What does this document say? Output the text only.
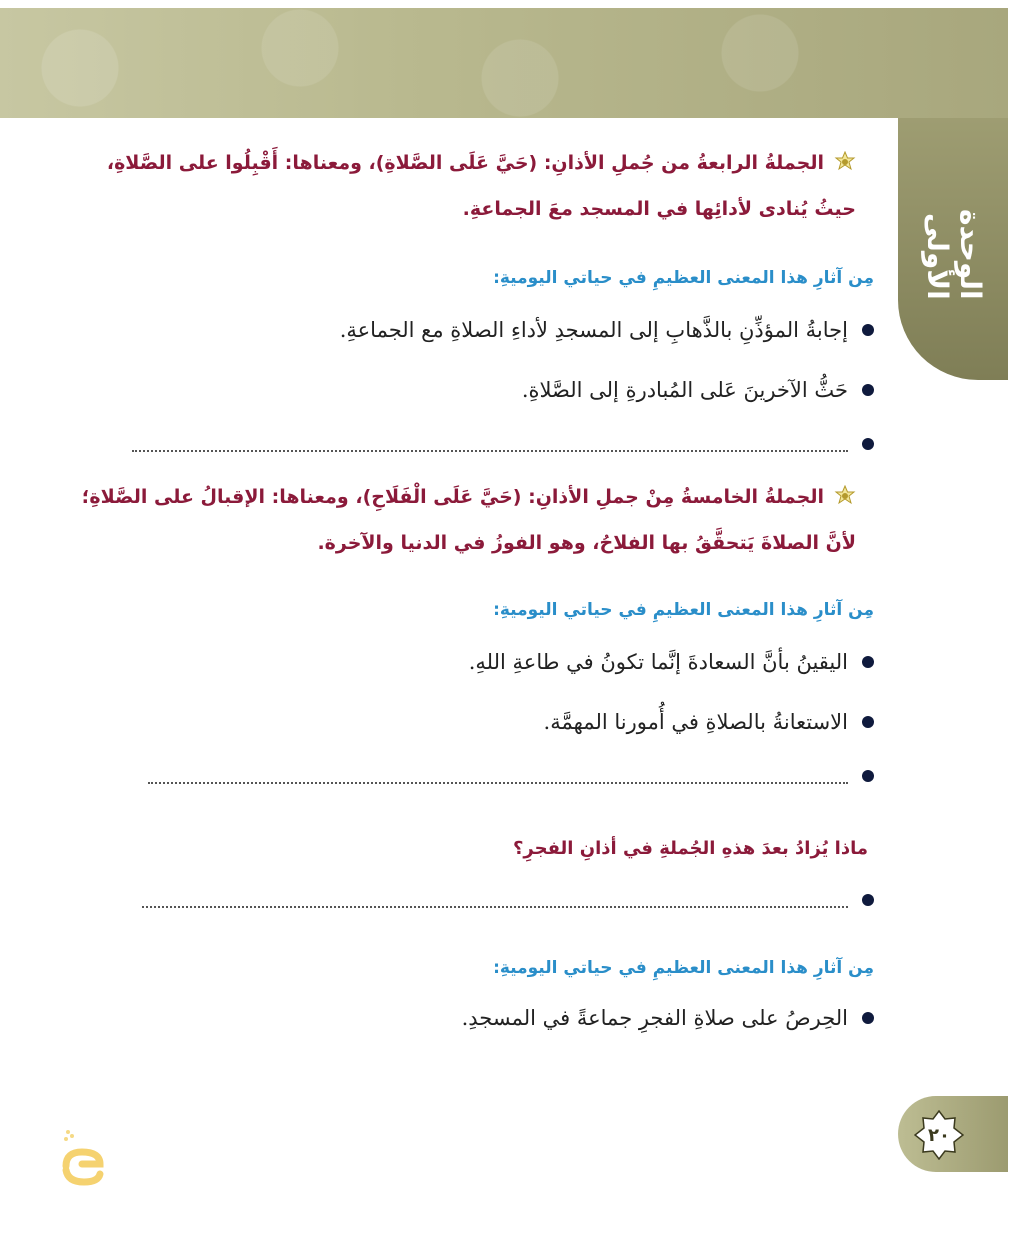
الوحدة الأولى
الجملةُ الرابعةُ من جُملِ الأذانِ: (حَيَّ عَلَى الصَّلاةِ)، ومعناها: أَقْبِلُوا على الصَّلاةِ، حيثُ يُنادى لأدائِها في المسجد معَ الجماعةِ.
مِن آثارِ هذا المعنى العظيمِ في حياتي اليوميةِ:
إجابةُ المؤذِّنِ بالذَّهابِ إلى المسجدِ لأداءِ الصلاةِ مع الجماعةِ.
حَثُّ الآخرينَ عَلى المُبادرةِ إلى الصَّلاةِ.
الجملةُ الخامسةُ مِنْ جملِ الأذانِ: (حَيَّ عَلَى الْفَلَاحِ)، ومعناها: الإقبالُ على الصَّلاةِ؛ لأنَّ الصلاةَ يَتحقَّقُ بها الفلاحُ، وهو الفوزُ في الدنيا والآخرة.
مِن آثارِ هذا المعنى العظيمِ في حياتي اليوميةِ:
اليقينُ بأنَّ السعادةَ إنَّما تكونُ في طاعةِ اللهِ.
الاستعانةُ بالصلاةِ في أُمورنا المهمَّة.
ماذا يُزادُ بعدَ هذهِ الجُملةِ في أذانِ الفجرِ؟
مِن آثارِ هذا المعنى العظيمِ في حياتي اليوميةِ:
الحِرصُ على صلاةِ الفجرِ جماعةً في المسجدِ.
٢٠
